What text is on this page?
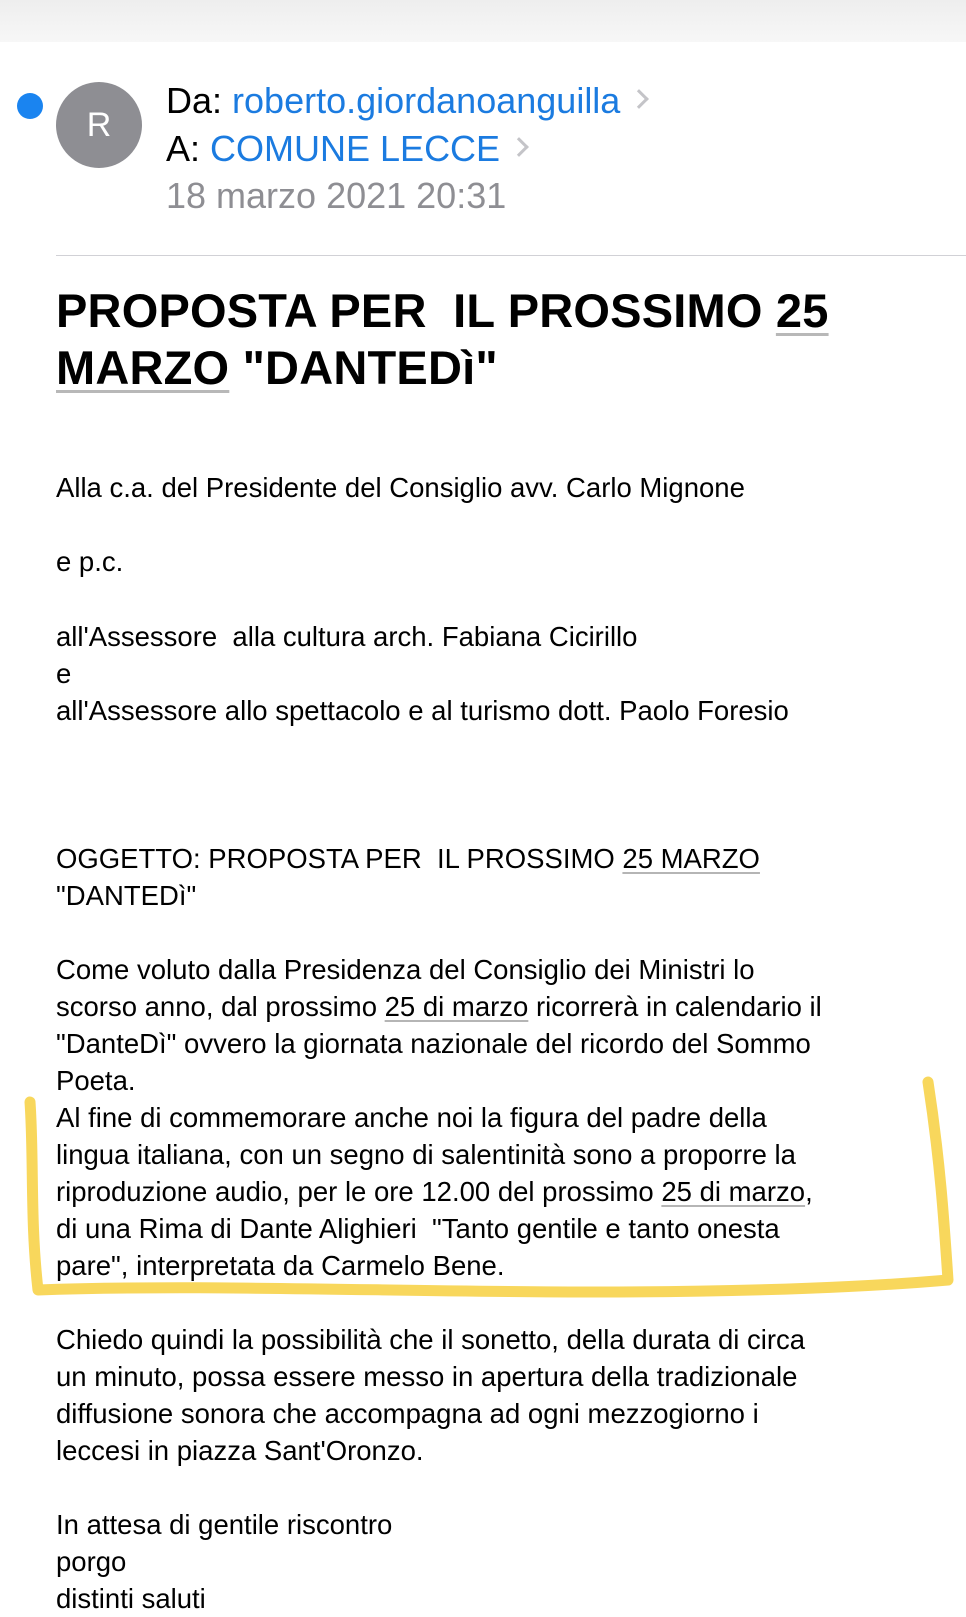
R
Da: roberto.giordanoanguilla
A: COMUNE LECCE
18 marzo 2021 20:31
PROPOSTA PER  IL PROSSIMO 25
MARZO "DANTEDì"
Alla c.a. del Presidente del Consiglio avv. Carlo Mignone
e p.c.
all'Assessore  alla cultura arch. Fabiana Cicirillo
e
all'Assessore allo spettacolo e al turismo dott. Paolo Foresio
OGGETTO: PROPOSTA PER  IL PROSSIMO 25 MARZO
"DANTEDì"
Come voluto dalla Presidenza del Consiglio dei Ministri lo
scorso anno, dal prossimo 25 di marzo ricorrerà in calendario il
"DanteDì" ovvero la giornata nazionale del ricordo del Sommo
Poeta.
Al fine di commemorare anche noi la figura del padre della
lingua italiana, con un segno di salentinità sono a proporre la
riproduzione audio, per le ore 12.00 del prossimo 25 di marzo,
di una Rima di Dante Alighieri  "Tanto gentile e tanto onesta
pare", interpretata da Carmelo Bene.
Chiedo quindi la possibilità che il sonetto, della durata di circa
un minuto, possa essere messo in apertura della tradizionale
diffusione sonora che accompagna ad ogni mezzogiorno i
leccesi in piazza Sant'Oronzo.
In attesa di gentile riscontro
porgo
distinti saluti
